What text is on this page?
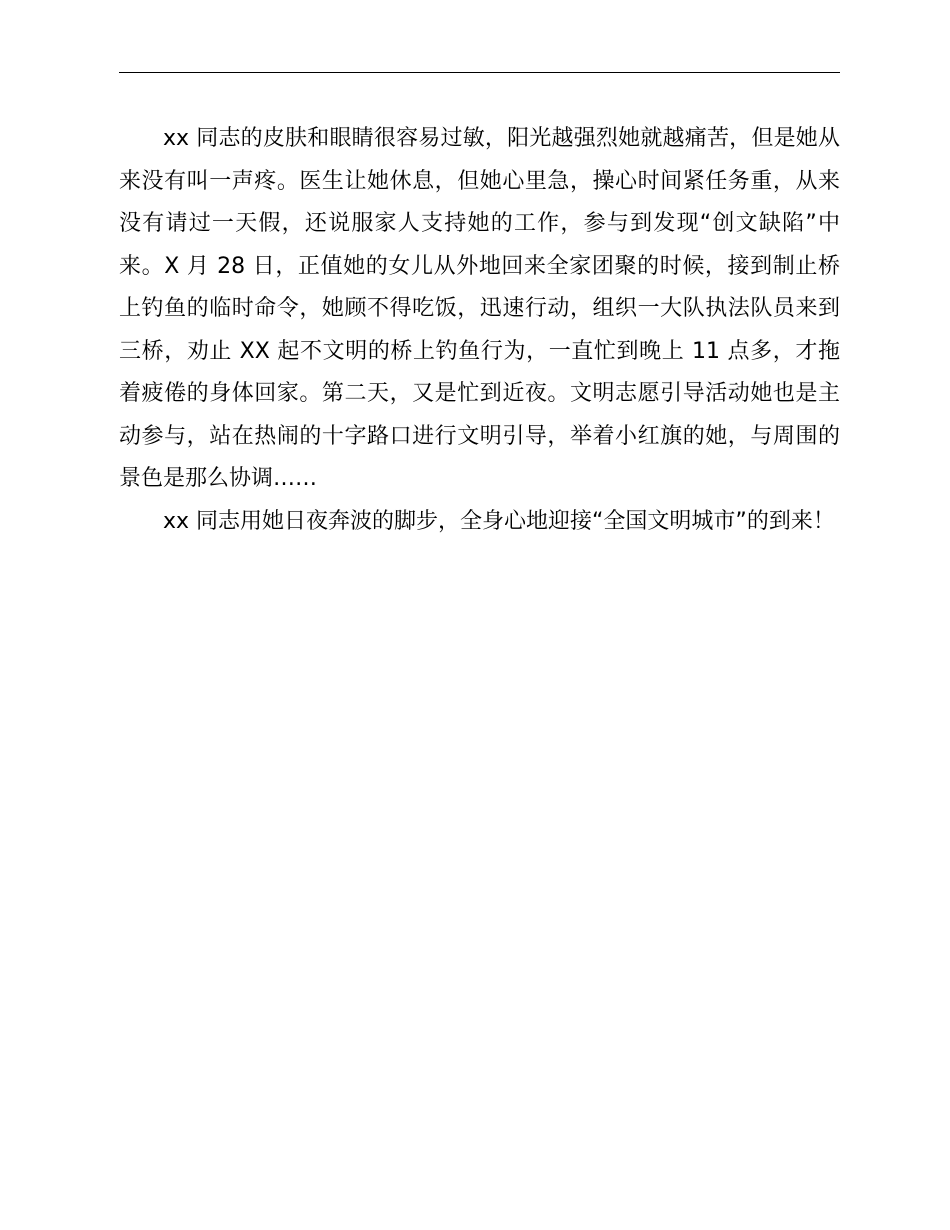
xx 同志的皮肤和眼睛很容易过敏，阳光越强烈她就越痛苦，但是她从来没有叫一声疼。医生让她休息，但她心里急，操心时间紧任务重，从来没有请过一天假，还说服家人支持她的工作，参与到发现“创文缺陷”中来。X 月 28 日，正值她的女儿从外地回来全家团聚的时候，接到制止桥上钓鱼的临时命令，她顾不得吃饭，迅速行动，组织一大队执法队员来到三桥，劝止 XX 起不文明的桥上钓鱼行为，一直忙到晚上 11 点多，才拖着疲倦的身体回家。第二天，又是忙到近夜。文明志愿引导活动她也是主动参与，站在热闹的十字路口进行文明引导，举着小红旗的她，与周围的景色是那么协调……

xx 同志用她日夜奔波的脚步，全身心地迎接“全国文明城市”的到来！
